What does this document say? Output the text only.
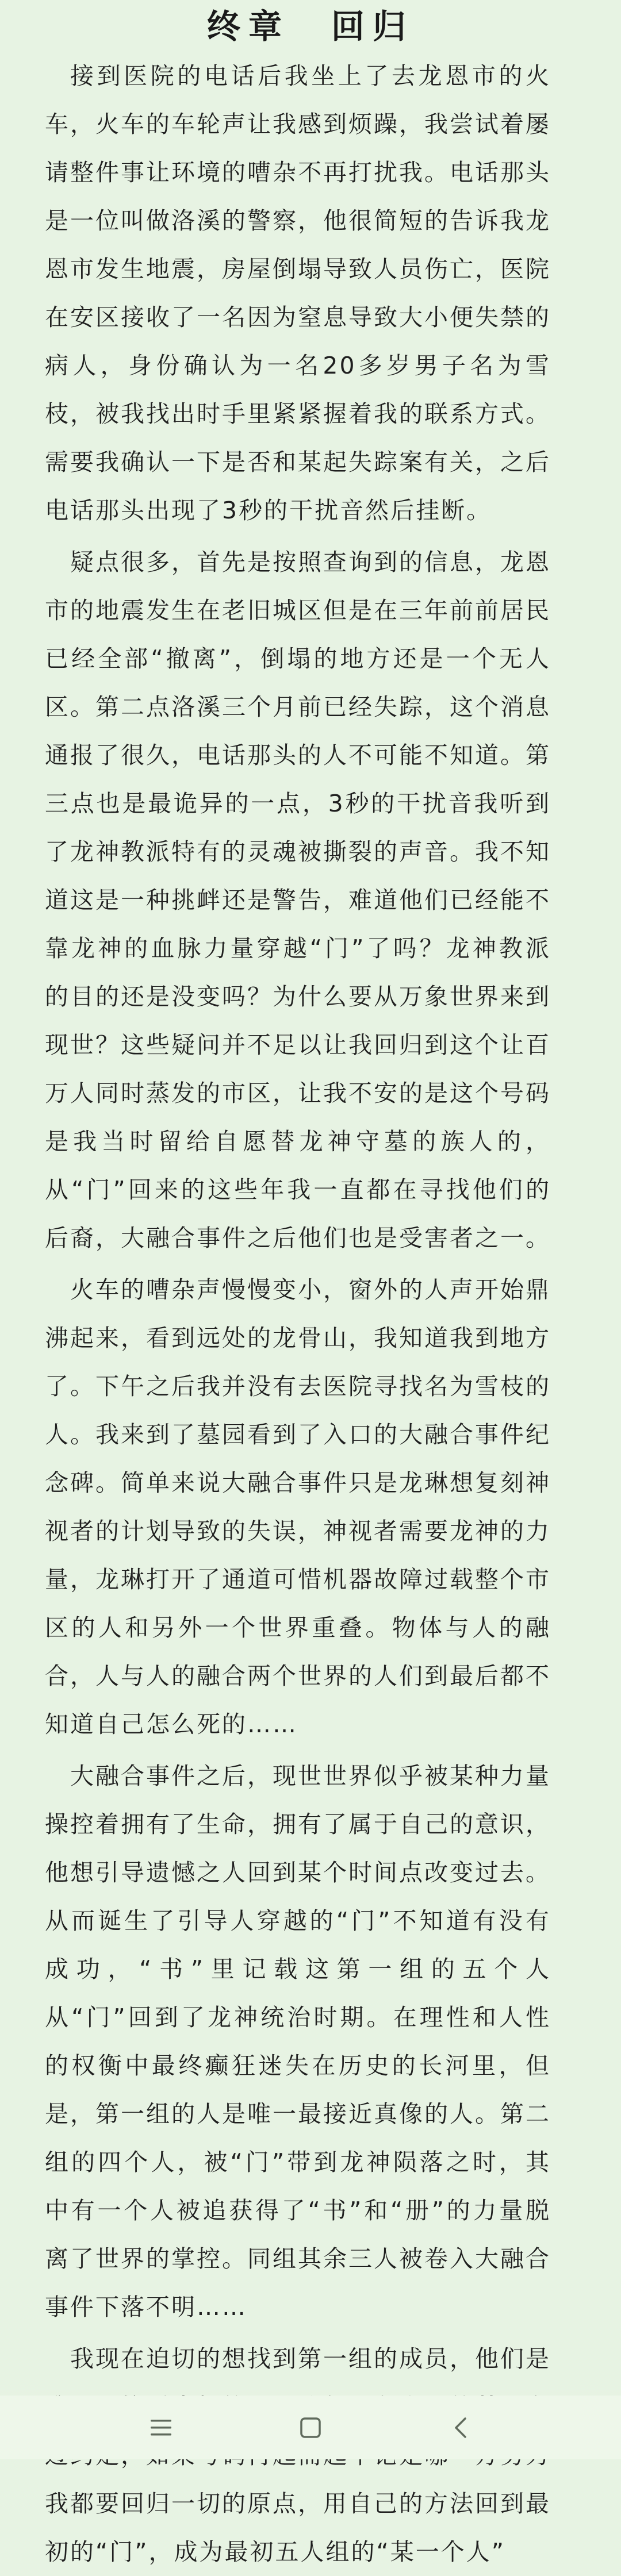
终章　回归

接到医院的电话后我坐上了去龙恩市的火车，火车的车轮声让我感到烦躁，我尝试着屡请整件事让环境的嘈杂不再打扰我。电话那头是一位叫做洛溪的警察，他很简短的告诉我龙恩市发生地震，房屋倒塌导致人员伤亡，医院在安区接收了一名因为窒息导致大小便失禁的病人，身份确认为一名20多岁男子名为雪枝，被我找出时手里紧紧握着我的联系方式。需要我确认一下是否和某起失踪案有关，之后电话那头出现了3秒的干扰音然后挂断。

疑点很多，首先是按照查询到的信息，龙恩市的地震发生在老旧城区但是在三年前前居民已经全部“撤离”，倒塌的地方还是一个无人区。第二点洛溪三个月前已经失踪，这个消息通报了很久，电话那头的人不可能不知道。第三点也是最诡异的一点，3秒的干扰音我听到了龙神教派特有的灵魂被撕裂的声音。我不知道这是一种挑衅还是警告，难道他们已经能不靠龙神的血脉力量穿越“门”了吗？龙神教派的目的还是没变吗？为什么要从万象世界来到现世？这些疑问并不足以让我回归到这个让百万人同时蒸发的市区，让我不安的是这个号码是我当时留给自愿替龙神守墓的族人的，从“门”回来的这些年我一直都在寻找他们的后裔，大融合事件之后他们也是受害者之一。

火车的嘈杂声慢慢变小，窗外的人声开始鼎沸起来，看到远处的龙骨山，我知道我到地方了。下午之后我并没有去医院寻找名为雪枝的人。我来到了墓园看到了入口的大融合事件纪念碑。简单来说大融合事件只是龙琳想复刻神视者的计划导致的失误，神视者需要龙神的力量，龙琳打开了通道可惜机器故障过载整个市区的人和另外一个世界重叠。物体与人的融合，人与人的融合两个世界的人们到最后都不知道自己怎么死的……

大融合事件之后，现世世界似乎被某种力量操控着拥有了生命，拥有了属于自己的意识，他想引导遗憾之人回到某个时间点改变过去。从而诞生了引导人穿越的“门”不知道有没有成功，“书”里记载这第一组的五个人从“门”回到了龙神统治时期。在理性和人性的权衡中最终癫狂迷失在历史的长河里，但是，第一组的人是唯一最接近真像的人。第二组的四个人，被“门”带到龙神陨落之时，其中有一个人被追获得了“书”和“册”的力量脱离了世界的掌控。同组其余三人被卷入大融合事件下落不明……

我现在迫切的想找到第一组的成员，他们是 我都要回归一切的原点，用自己的方法回到最初的“门”，成为最初五人组的“某一个人”
